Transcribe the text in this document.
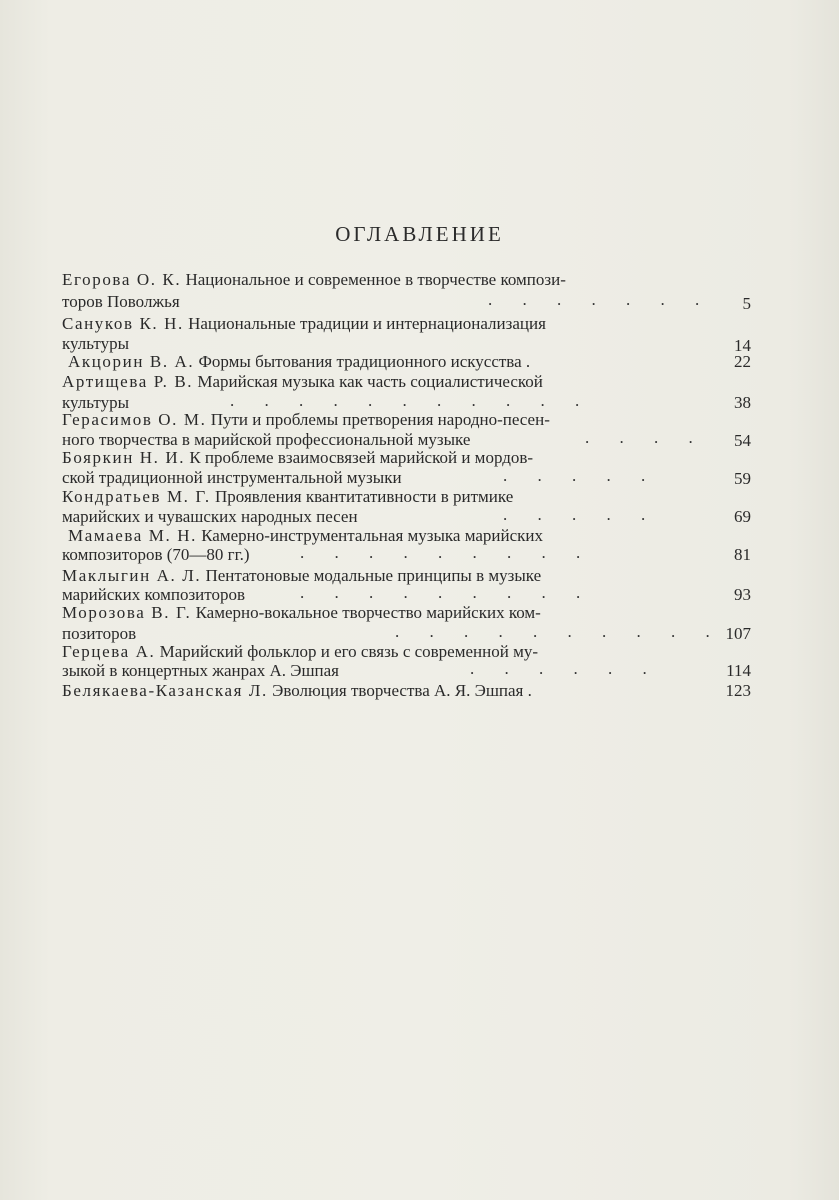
ОГЛАВЛЕНИЕ
Егорова О. К. Национальное и современное в творчестве компози-
торов Поволжья	. . . . . . . 5
Сануков К. Н. Национальные традиции и интернационализация
культуры	14
Акцорин В. А. Формы бытования традиционного искусства .	22
Артищева Р. В. Марийская музыка как часть социалистической
культуры	. . . . . . . . . . .	38
Герасимов О. М. Пути и проблемы претворения народно-песен-
ного творчества в марийской профессиональной музыке	. . . . 54
Бояркин Н. И. К проблеме взаимосвязей марийской и мордов-
ской традиционной инструментальной музыки	. . . . .	59
Кондратьев М. Г. Проявления квантитативности в ритмике
марийских и чувашских народных песен	. . . . .	69
Мамаева М. Н. Камерно-инструментальная музыка марийских
композиторов (70—80 гг.)	. . . . . . . . .	81
Маклыгин А. Л. Пентатоновые модальные принципы в музыке
марийских композиторов	. . . . . . . . .	93
Морозова В. Г. Камерно-вокальное творчество марийских ком-
позиторов	. . . . . . . . . . 107
Герцева А. Марийский фольклор и его связь с современной му-
зыкой в концертных жанрах А. Эшпая	. . . . . .	114
Белякаева-Казанская Л. Эволюция творчества А. Я. Эшпая .	123
